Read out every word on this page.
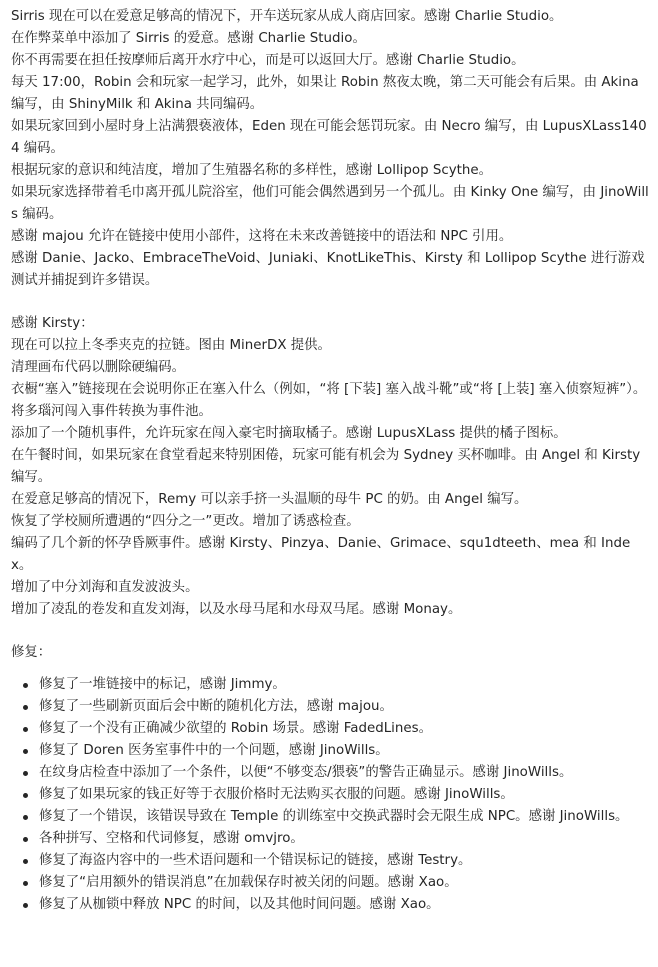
Sirris 现在可以在爱意足够高的情况下，开车送玩家从成人商店回家。感谢 Charlie Studio。

在作弊菜单中添加了 Sirris 的爱意。感谢 Charlie Studio。

你不再需要在担任按摩师后离开水疗中心，而是可以返回大厅。感谢 Charlie Studio。

每天 17:00，Robin 会和玩家一起学习，此外，如果让 Robin 熬夜太晚，第二天可能会有后果。由 Akina 编写，由 ShinyMilk 和 Akina 共同编码。

如果玩家回到小屋时身上沾满猥亵液体，Eden 现在可能会惩罚玩家。由 Necro 编写，由 LupusXLass1404 编码。

根据玩家的意识和纯洁度，增加了生殖器名称的多样性，感谢 Lollipop Scythe。

如果玩家选择带着毛巾离开孤儿院浴室，他们可能会偶然遇到另一个孤儿。由 Kinky One 编写，由 JinoWills 编码。

感谢 majou 允许在链接中使用小部件，这将在未来改善链接中的语法和 NPC 引用。

感谢 Danie、Jacko、EmbraceTheVoid、Juniaki、KnotLikeThis、Kirsty 和 Lollipop Scythe 进行游戏测试并捕捉到许多错误。

感谢 Kirsty：

现在可以拉上冬季夹克的拉链。图由 MinerDX 提供。

清理画布代码以删除硬编码。

衣橱“塞入”链接现在会说明你正在塞入什么（例如，“将 [下装] 塞入战斗靴”或“将 [上装] 塞入侦察短裤”）。

将多瑙河闯入事件转换为事件池。

添加了一个随机事件，允许玩家在闯入豪宅时摘取橘子。感谢 LupusXLass 提供的橘子图标。

在午餐时间，如果玩家在食堂看起来特别困倦，玩家可能有机会为 Sydney 买杯咖啡。由 Angel 和 Kirsty 编写。

在爱意足够高的情况下，Remy 可以亲手挤一头温顺的母牛 PC 的奶。由 Angel 编写。

恢复了学校厕所遭遇的“四分之一”更改。增加了诱惑检查。

编码了几个新的怀孕昏厥事件。感谢 Kirsty、Pinzya、Danie、Grimace、squ1dteeth、mea 和 Index。

增加了中分刘海和直发波波头。

增加了凌乱的卷发和直发刘海，以及水母马尾和水母双马尾。感谢 Monay。

修复：

修复了一堆链接中的标记，感谢 Jimmy。
修复了一些刷新页面后会中断的随机化方法，感谢 majou。
修复了一个没有正确减少欲望的 Robin 场景。感谢 FadedLines。
修复了 Doren 医务室事件中的一个问题，感谢 JinoWills。
在纹身店检查中添加了一个条件，以便“不够变态/猥亵”的警告正确显示。感谢 JinoWills。
修复了如果玩家的钱正好等于衣服价格时无法购买衣服的问题。感谢 JinoWills。
修复了一个错误，该错误导致在 Temple 的训练室中交换武器时会无限生成 NPC。感谢 JinoWills。
各种拼写、空格和代词修复，感谢 omvjro。
修复了海盗内容中的一些术语问题和一个错误标记的链接，感谢 Testry。
修复了“启用额外的错误消息”在加载保存时被关闭的问题。感谢 Xao。
修复了从枷锁中释放 NPC 的时间，以及其他时间问题。感谢 Xao。
